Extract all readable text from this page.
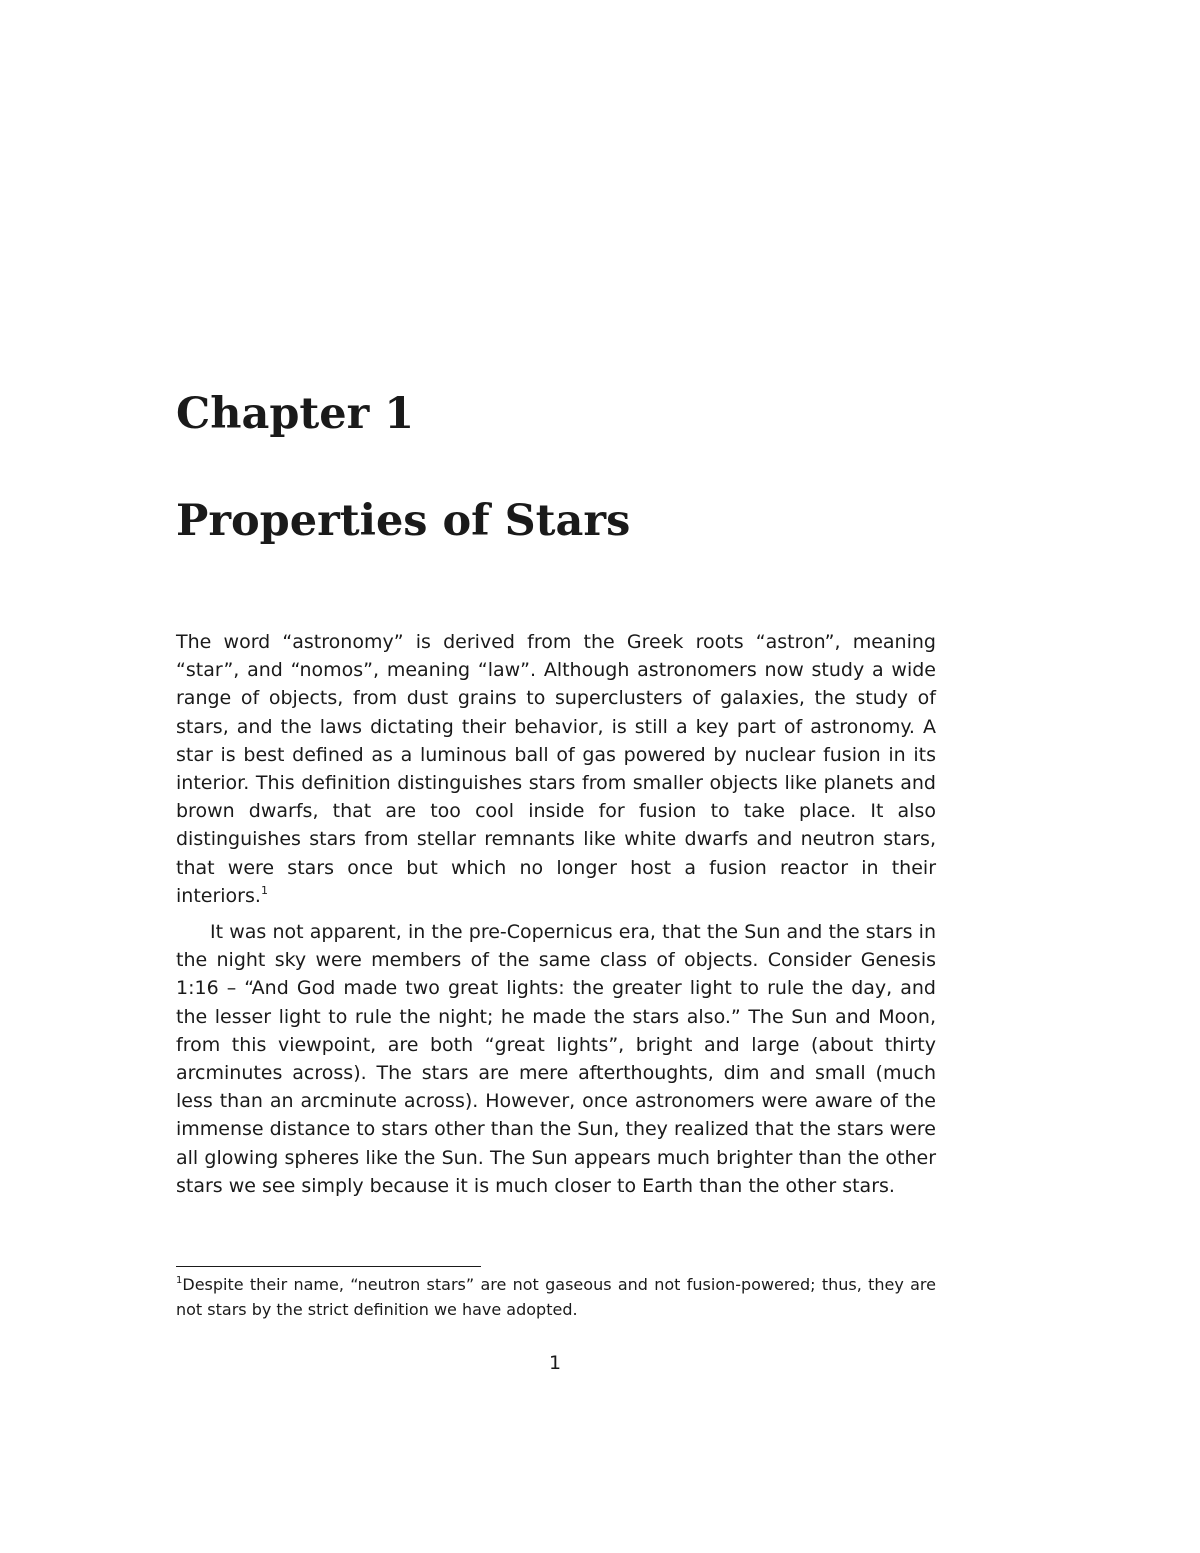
Chapter 1
Properties of Stars

The word “astronomy” is derived from the Greek roots “astron”, meaning “star”, and “nomos”, meaning “law”. Although astronomers now study a wide range of objects, from dust grains to superclusters of galaxies, the study of stars, and the laws dictating their behavior, is still a key part of astronomy. A star is best defined as a luminous ball of gas powered by nuclear fusion in its interior. This definition distinguishes stars from smaller objects like planets and brown dwarfs, that are too cool inside for fusion to take place. It also distinguishes stars from stellar remnants like white dwarfs and neutron stars, that were stars once but which no longer host a fusion reactor in their interiors.$^1$

It was not apparent, in the pre-Copernicus era, that the Sun and the stars in the night sky were members of the same class of objects. Consider Genesis 1:16 – “And God made two great lights: the greater light to rule the day, and the lesser light to rule the night; he made the stars also.” The Sun and Moon, from this viewpoint, are both “great lights”, bright and large (about thirty arcminutes across). The stars are mere afterthoughts, dim and small (much less than an arcminute across). However, once astronomers were aware of the immense distance to stars other than the Sun, they realized that the stars were all glowing spheres like the Sun. The Sun appears much brighter than the other stars we see simply because it is much closer to Earth than the other stars.

$^1$Despite their name, “neutron stars” are not gaseous and not fusion-powered; thus, they are not stars by the strict definition we have adopted.
1
